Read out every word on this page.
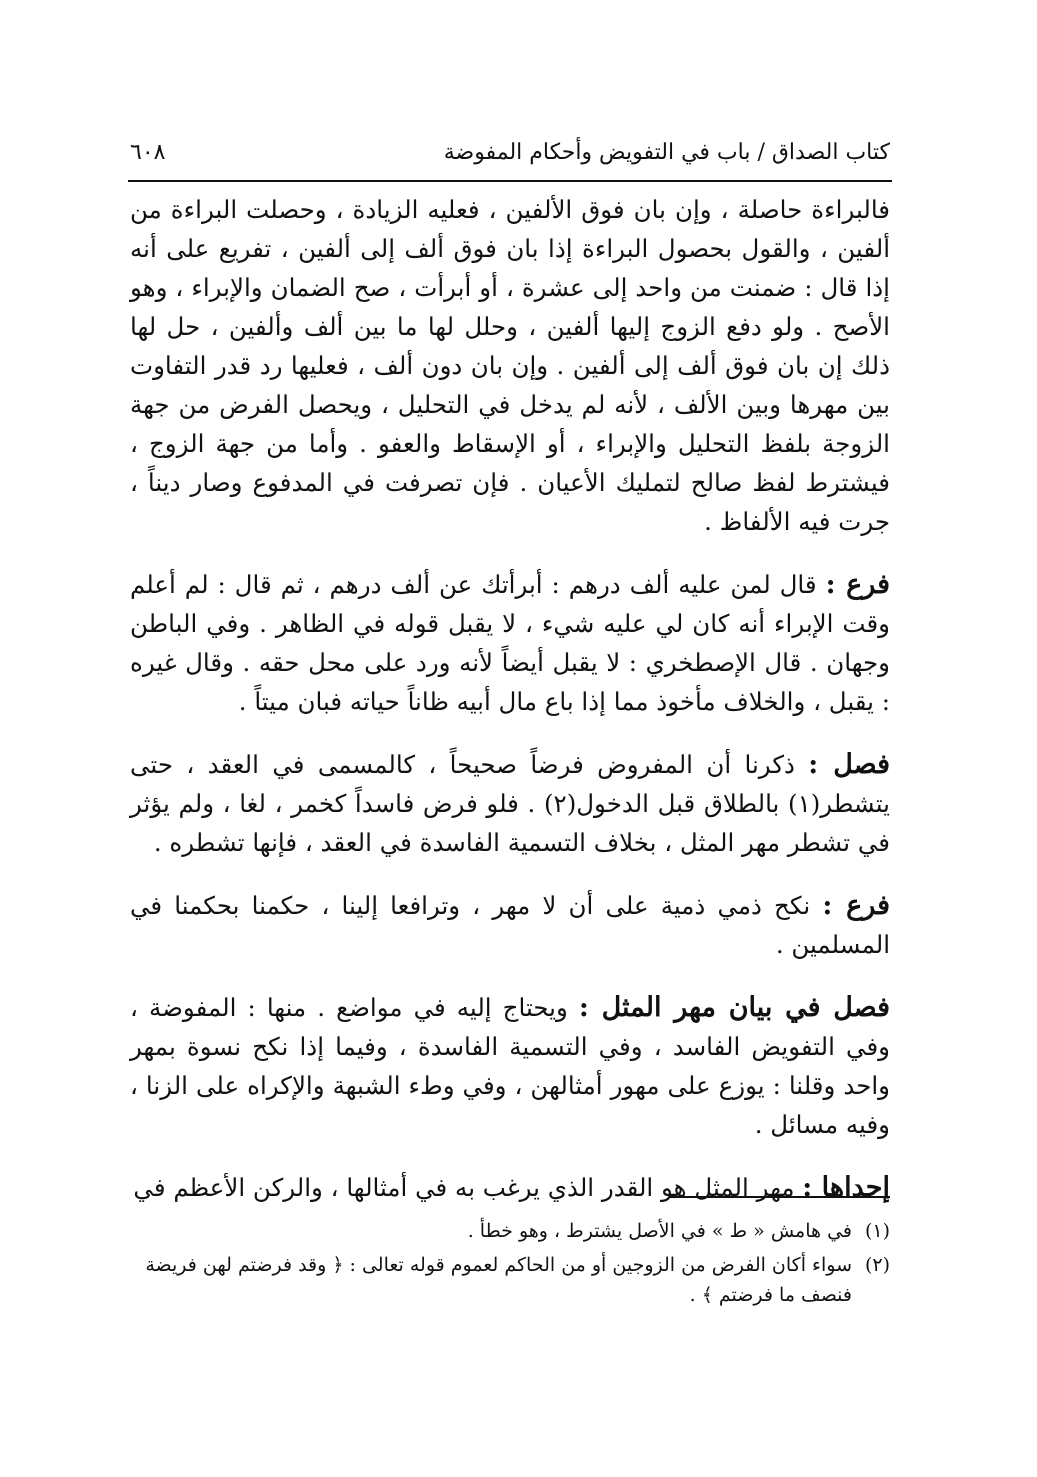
كتاب الصداق / باب في التفويض وأحكام المفوضة
٦٠٨

فالبراءة حاصلة ، وإن بان فوق الألفين ، فعليه الزيادة ، وحصلت البراءة من ألفين ، والقول بحصول البراءة إذا بان فوق ألف إلى ألفين ، تفريع على أنه إذا قال : ضمنت من واحد إلى عشرة ، أو أبرأت ، صح الضمان والإبراء ، وهو الأصح . ولو دفع الزوج إليها ألفين ، وحلل لها ما بين ألف وألفين ، حل لها ذلك إن بان فوق ألف إلى ألفين . وإن بان دون ألف ، فعليها رد قدر التفاوت بين مهرها وبين الألف ، لأنه لم يدخل في التحليل ، ويحصل الفرض من جهة الزوجة بلفظ التحليل والإبراء ، أو الإسقاط والعفو . وأما من جهة الزوج ، فيشترط لفظ صالح لتمليك الأعيان . فإن تصرفت في المدفوع وصار ديناً ، جرت فيه الألفاظ .

فرع : قال لمن عليه ألف درهم : أبرأتك عن ألف درهم ، ثم قال : لم أعلم وقت الإبراء أنه كان لي عليه شيء ، لا يقبل قوله في الظاهر . وفي الباطن وجهان . قال الإصطخري : لا يقبل أيضاً لأنه ورد على محل حقه . وقال غيره : يقبل ، والخلاف مأخوذ مما إذا باع مال أبيه ظاناً حياته فبان ميتاً .

فصل : ذكرنا أن المفروض فرضاً صحيحاً ، كالمسمى في العقد ، حتى يتشطر(١) بالطلاق قبل الدخول(٢) . فلو فرض فاسداً كخمر ، لغا ، ولم يؤثر في تشطر مهر المثل ، بخلاف التسمية الفاسدة في العقد ، فإنها تشطره .

فرع : نكح ذمي ذمية على أن لا مهر ، وترافعا إلينا ، حكمنا بحكمنا في المسلمين .

فصل في بيان مهر المثل : ويحتاج إليه في مواضع . منها : المفوضة ، وفي التفويض الفاسد ، وفي التسمية الفاسدة ، وفيما إذا نكح نسوة بمهر واحد وقلنا : يوزع على مهور أمثالهن ، وفي وطء الشبهة والإكراه على الزنا ، وفيه مسائل .

إحداها : مهر المثل هو القدر الذي يرغب به في أمثالها ، والركن الأعظم في

(١)
في هامش « ط » في الأصل يشترط ، وهو خطأ .
(٢)
سواء أكان الفرض من الزوجين أو من الحاكم لعموم قوله تعالى : ﴿ وقد فرضتم لهن فريضة فنصف ما فرضتم ﴾ .
